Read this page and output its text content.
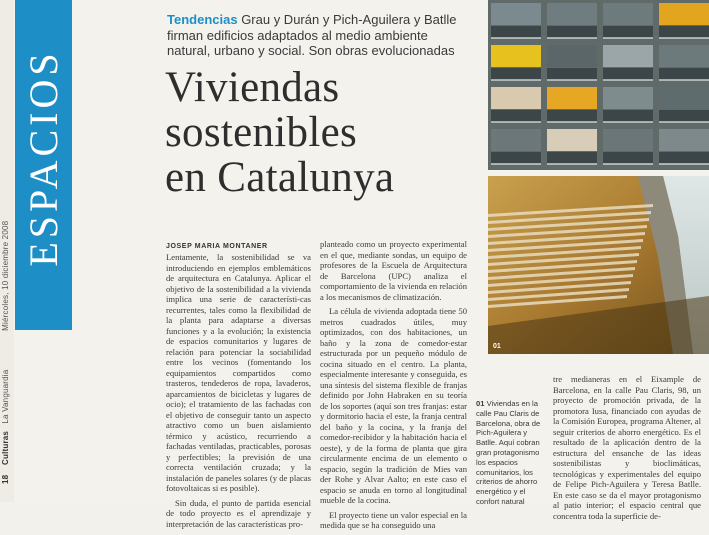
18    Culturas   La Vanguardia                Miércoles, 10 diciembre 2008
ESPACIOS
Tendencias Grau y Durán y Pich-Aguilera y Batlle firman edificios adaptados al medio ambiente natural, urbano y social. Son obras evolucionadas
Viviendas
sostenibles
en Catalunya
JOSEP MARIA MONTANER

Lentamente, la sostenibilidad se va introduciendo en ejemplos emblemáticos de arquitectura en Catalunya. Aplicar el objetivo de la sostenibilidad a la vivienda implica una serie de característi-cas recurrentes, tales como la flexibilidad de la planta para adaptarse a diversas funciones y a la evolución; la existencia de espacios comunitarios y lugares de relación para potenciar la sociabilidad entre los vecinos (fomentando los equipamientos compartidos como trasteros, tendederos de ropa, lavaderos, aparcamientos de bicicletas y lugares de ocio); el tratamiento de las fachadas con el objetivo de conseguir tanto un aspecto atractivo como un buen aislamiento térmico y acústico, recurriendo a fachadas ventiladas, practicables, porosas y perfectibles; la previsión de una correcta ventilación cruzada; y la instalación de paneles solares (y de placas fotovoltaicas si es posible).

Sin duda, el punto de partida esencial de todo proyecto es el aprendizaje y interpretación de las características pro-

planteado como un proyecto experimental en el que, mediante sondas, un equipo de profesores de la Escuela de Arquitectura de Barcelona (UPC) analiza el comportamiento de la vivienda en relación a los mecanismos de climatización.

La célula de vivienda adoptada tiene 50 metros cuadrados útiles, muy optimizados, con dos habitaciones, un baño y la zona de comedor-estar estructurada por un pequeño módulo de cocina situado en el centro. La planta, especialmente interesante y conseguida, es una síntesis del sistema flexible de franjas definido por John Habraken en su teoría de los soportes (aquí son tres franjas: estar y dormitorio hacia el este, la franja central del baño y la cocina, y la franja del comedor-recibidor y la habitación hacia el oeste), y de la forma de planta que gira circularmente encima de un elemento o espacio, según la tradición de Mies van der Rohe y Alvar Aalto; en este caso el espacio se anuda en torno al longitudinal mueble de la cocina.

El proyecto tiene un valor especial en la medida que se ha conseguido una

01
01 Viviendas en la calle Pau Claris de Barcelona, obra de Pich-Aguilera y Batlle. Aquí cobran gran protagonismo los espacios comunitarios, los criterios de ahorro energético y el confort natural

tre medianeras en el Eixample de Barcelona, en la calle Pau Claris, 98, un proyecto de promoción privada, de la promotora Iusa, financiado con ayudas de la Comisión Europea, programa Altener, al seguir criterios de ahorro energético. Es el resultado de la aplicación dentro de la estructura del ensanche de las ideas sostenibilistas y bioclimáticas, tecnológicas y experimentales del equipo de Felipe Pich-Aguilera y Teresa Batlle. En este caso se da el mayor protagonismo al patio interior; el espacio central que concentra toda la superficie de-
